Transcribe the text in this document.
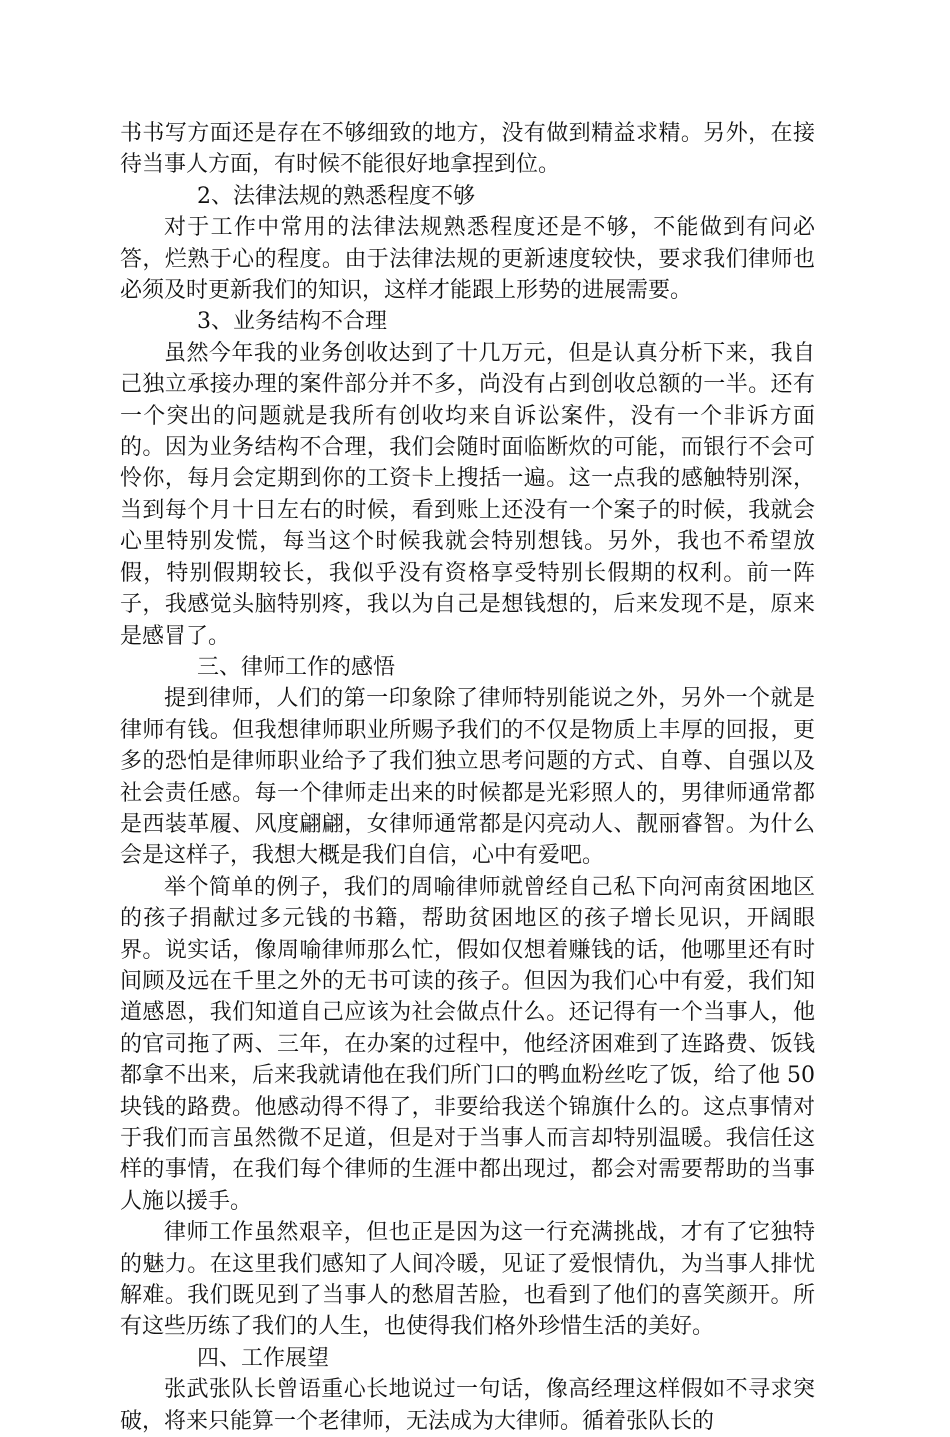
书书写方面还是存在不够细致的地方，没有做到精益求精。另外，在接待当事人方面，有时候不能很好地拿捏到位。

2、法律法规的熟悉程度不够

对于工作中常用的法律法规熟悉程度还是不够，不能做到有问必答，烂熟于心的程度。由于法律法规的更新速度较快，要求我们律师也必须及时更新我们的知识，这样才能跟上形势的进展需要。

3、业务结构不合理

虽然今年我的业务创收达到了十几万元，但是认真分析下来，我自己独立承接办理的案件部分并不多，尚没有占到创收总额的一半。还有一个突出的问题就是我所有创收均来自诉讼案件，没有一个非诉方面的。因为业务结构不合理，我们会随时面临断炊的可能，而银行不会可怜你，每月会定期到你的工资卡上搜括一遍。这一点我的感触特别深，当到每个月十日左右的时候，看到账上还没有一个案子的时候，我就会心里特别发慌，每当这个时候我就会特别想钱。另外，我也不希望放假，特别假期较长，我似乎没有资格享受特别长假期的权利。前一阵子，我感觉头脑特别疼，我以为自己是想钱想的，后来发现不是，原来是感冒了。

三、律师工作的感悟

提到律师，人们的第一印象除了律师特别能说之外，另外一个就是律师有钱。但我想律师职业所赐予我们的不仅是物质上丰厚的回报，更多的恐怕是律师职业给予了我们独立思考问题的方式、自尊、自强以及社会责任感。每一个律师走出来的时候都是光彩照人的，男律师通常都是西装革履、风度翩翩，女律师通常都是闪亮动人、靓丽睿智。为什么会是这样子，我想大概是我们自信，心中有爱吧。

举个简单的例子，我们的周喻律师就曾经自己私下向河南贫困地区的孩子捐献过多元钱的书籍，帮助贫困地区的孩子增长见识，开阔眼界。说实话，像周喻律师那么忙，假如仅想着赚钱的话，他哪里还有时间顾及远在千里之外的无书可读的孩子。但因为我们心中有爱，我们知道感恩，我们知道自己应该为社会做点什么。还记得有一个当事人，他的官司拖了两、三年，在办案的过程中，他经济困难到了连路费、饭钱都拿不出来，后来我就请他在我们所门口的鸭血粉丝吃了饭，给了他 50 块钱的路费。他感动得不得了，非要给我送个锦旗什么的。这点事情对于我们而言虽然微不足道，但是对于当事人而言却特别温暖。我信任这样的事情，在我们每个律师的生涯中都出现过，都会对需要帮助的当事人施以援手。

律师工作虽然艰辛，但也正是因为这一行充满挑战，才有了它独特的魅力。在这里我们感知了人间冷暖，见证了爱恨情仇，为当事人排忧解难。我们既见到了当事人的愁眉苦脸，也看到了他们的喜笑颜开。所有这些历练了我们的人生，也使得我们格外珍惜生活的美好。

四、工作展望

张武张队长曾语重心长地说过一句话，像高经理这样假如不寻求突破，将来只能算一个老律师，无法成为大律师。循着张队长的
